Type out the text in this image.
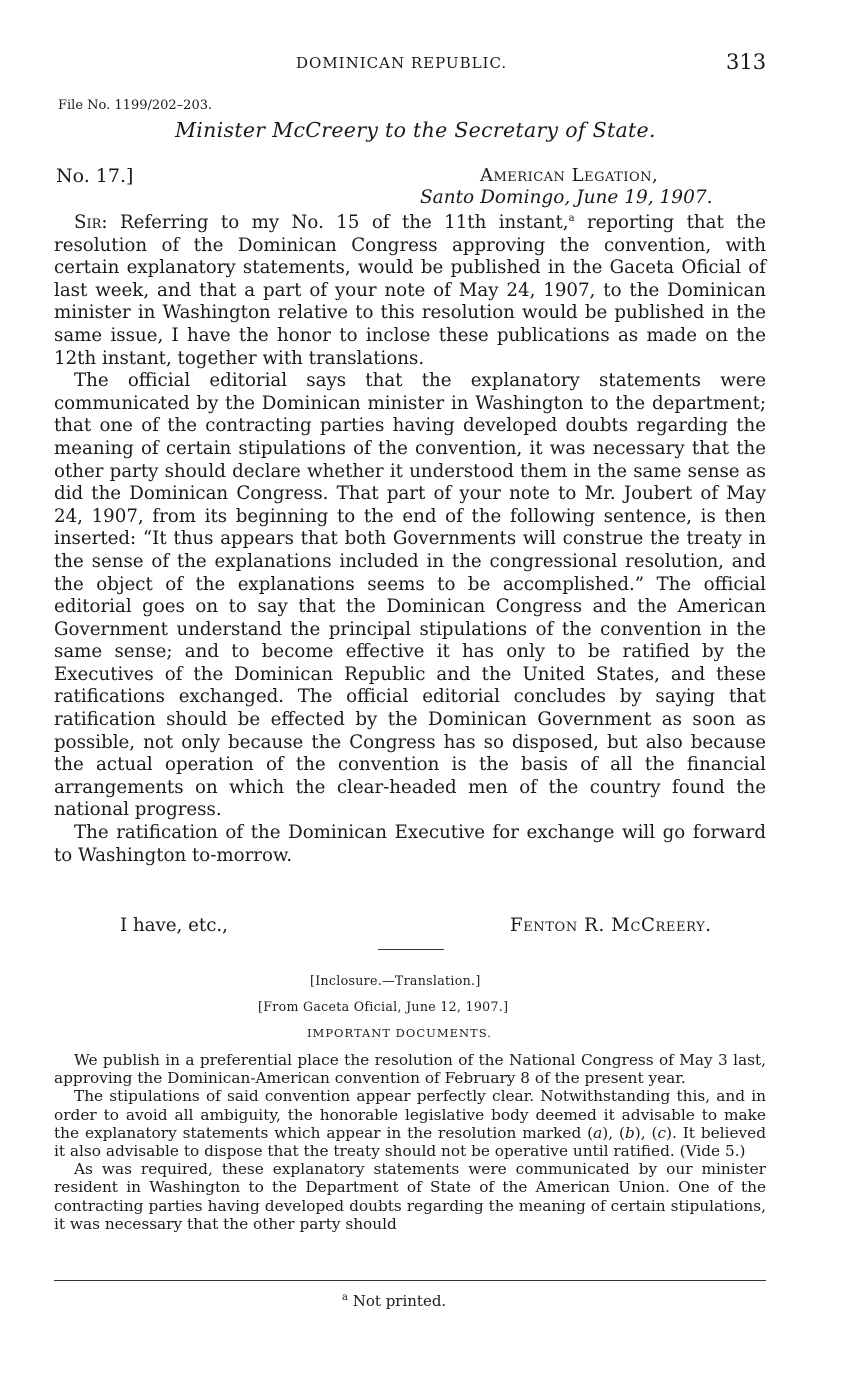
DOMINICAN REPUBLIC.	313
File No. 1199/202–203.
Minister McCreery to the Secretary of State.
No. 17.]	American Legation,
Santo Domingo, June 19, 1907.

Sir: Referring to my No. 15 of the 11th instant,$^a$ reporting that the resolution of the Dominican Congress approving the convention, with certain explanatory statements, would be published in the Gaceta Oficial of last week, and that a part of your note of May 24, 1907, to the Dominican minister in Washington relative to this resolution would be published in the same issue, I have the honor to inclose these publications as made on the 12th instant, together with translations.

The official editorial says that the explanatory statements were communicated by the Dominican minister in Washington to the department; that one of the contracting parties having developed doubts regarding the meaning of certain stipulations of the convention, it was necessary that the other party should declare whether it understood them in the same sense as did the Dominican Congress. That part of your note to Mr. Joubert of May 24, 1907, from its beginning to the end of the following sentence, is then inserted: “It thus appears that both Governments will construe the treaty in the sense of the explanations included in the congressional resolution, and the object of the explanations seems to be accomplished.” The official editorial goes on to say that the Dominican Congress and the American Government understand the principal stipulations of the convention in the same sense; and to become effective it has only to be ratified by the Executives of the Dominican Republic and the United States, and these ratifications exchanged. The official editorial concludes by saying that ratification should be effected by the Dominican Government as soon as possible, not only because the Congress has so disposed, but also because the actual operation of the convention is the basis of all the financial arrangements on which the clear-headed men of the country found the national progress.

The ratification of the Dominican Executive for exchange will go forward to Washington to-morrow.

I have, etc.,	Fenton R. McCreery.
[Inclosure.—Translation.]
[From Gaceta Oficial, June 12, 1907.]
IMPORTANT DOCUMENTS.

We publish in a preferential place the resolution of the National Congress of May 3 last, approving the Dominican-American convention of February 8 of the present year.

The stipulations of said convention appear perfectly clear. Notwithstanding this, and in order to avoid all ambiguity, the honorable legislative body deemed it advisable to make the explanatory statements which appear in the resolution marked (a), (b), (c). It believed it also advisable to dispose that the treaty should not be operative until ratified. (Vide 5.)

As was required, these explanatory statements were communicated by our minister resident in Washington to the Department of State of the American Union. One of the contracting parties having developed doubts regarding the meaning of certain stipulations, it was necessary that the other party should

$^a$ Not printed.
